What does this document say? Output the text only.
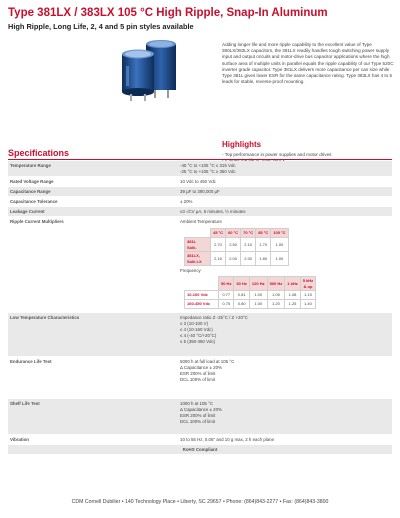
Type 381LX / 383LX 105 °C High Ripple, Snap-In Aluminum
High Ripple, Long Life, 2, 4 and 5 pin styles available
Adding longer life and more ripple capability to the excellent value of Type 380LX/383LX capacitors, the 381LX readily handles tough switching power supply input and output circuits and motor-drive bus capacitor applications where the high surface area of multiple units in parallel equals the ripple capability of our Type 520C inverter grade capacitor. Type 381LX delivers more capacitance per can size while Type 381L gives lower ESR for the same capacitance rating. Type 383LX has 4 to 5 leads for stable, reverse-proof mounting.
Highlights
- Top performance in power supplies and motor drives
Specifications
Temperature Range	-40 °C to +105 °C ≤ 315 Vdc
-25 °C to +105 °C ≥ 350 Vdc
Rated Voltage Range	10 Vdc to 450 Vdc
Capacitance Range	39 µF to 390,000 µF
Capacitance Tolerance	± 20%
Leakage Current	≤3 √CV µA, 5 minutes, ½ minutes
Ripple Current Multipliers	Ambient Temperature
	45 °C	60 °C	70 °C	85 °C	105 °C
381L
Solk.	2.70	2.50	2.10	1.70	1.00
381LX,
Solk LX	2.15	2.00	2.00	1.80	1.00
Frequency
	50 Hz	60 Hz	120 Hz	500 Hz	1 kHz	5 kHz
& up
10-100 Vdc	0.77	0.81	1.00	1.05	1.08	1.15
160-450 Vdc	0.75	0.80	1.00	1.20	1.25	1.40
Low Temperature Characteristics	Impedance ratio Z -25°C / Z +20°C
≤ 3 (10-100 V)
≤ 4 (10-160 Vdc)
≤ 4 (-40 °C/+20°C)
≤ 5 (350-450 Vdc)
Endurance Life Test	5000 h at full load at 105 °C
Δ Capacitance ± 20%
ESR 200% of limit
DCL 100% of limit
Shelf Life Test	1000 h at 105 °C
Δ Capacitance ± 20%
ESR 200% of limit
DCL 100% of limit
Vibration	10 to 55 Hz, 0.06" and 10 g max, 2 h each plane
RoHS Compliant
CDM Cornell Dubilier • 140 Technology Place • Liberty, SC 29657 • Phone: (864)843-2277 • Fax: (864)843-3800
